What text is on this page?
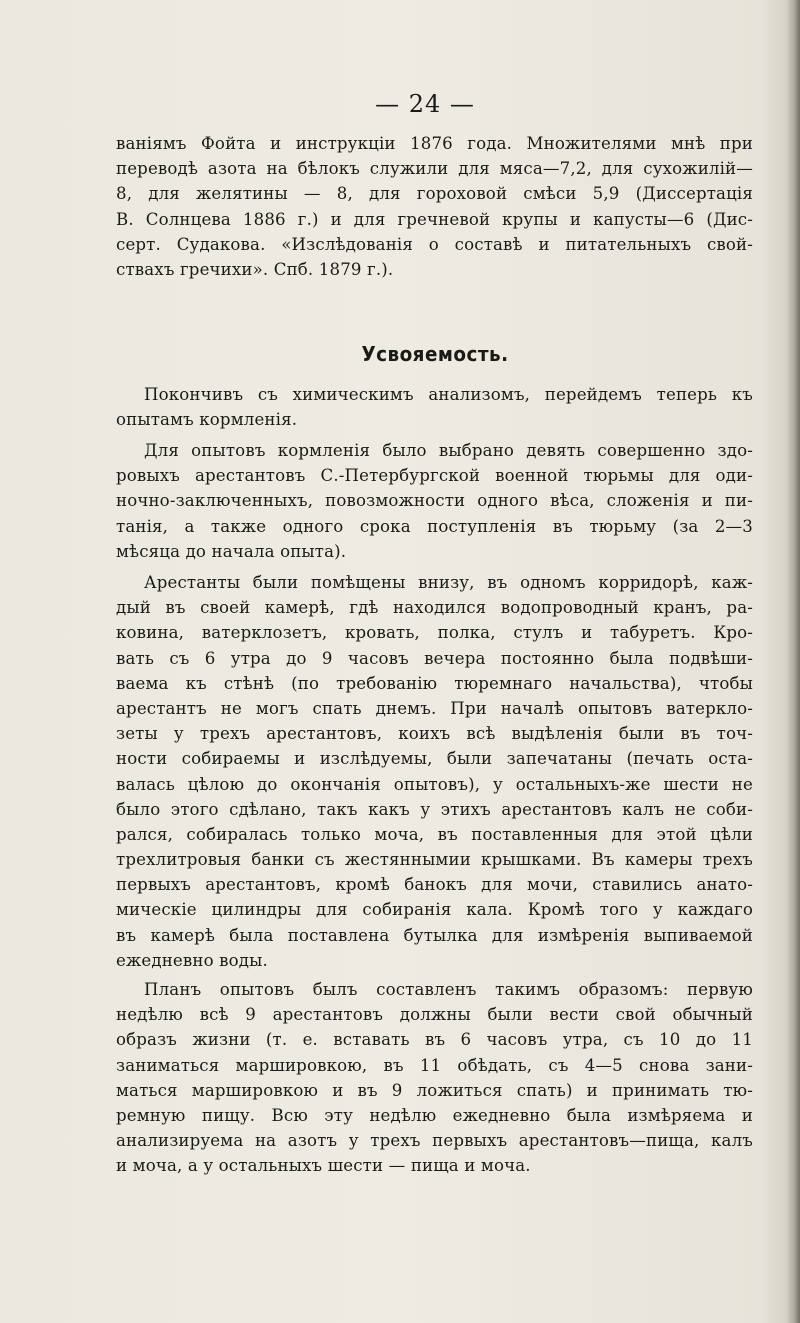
— 24 —
ваніямъ Фойта и инструкціи 1876 года. Множителями мнѣ при
переводѣ азота на бѣлокъ служили для мяса—7,2, для сухожилій—
8, для желятины — 8, для гороховой смѣси 5,9 (Диссертація
В. Солнцева 1886 г.) и для гречневой крупы и капусты—6 (Дис-
серт. Судакова. «Изслѣдованія о составѣ и питательныхъ свой-
ствахъ гречихи». Спб. 1879 г.).
Усвояемость.
Покончивъ съ химическимъ анализомъ, перейдемъ теперь къ
опытамъ кормленія.
Для опытовъ кормленія было выбрано девять совершенно здо-
ровыхъ арестантовъ С.-Петербургской военной тюрьмы для оди-
ночно-заключенныхъ, повозможности одного вѣса, сложенія и пи-
танія, а также одного срока поступленія въ тюрьму (за 2—3
мѣсяца до начала опыта).
Арестанты были помѣщены внизу, въ одномъ корридорѣ, каж-
дый въ своей камерѣ, гдѣ находился водопроводный кранъ, ра-
ковина, ватерклозетъ, кровать, полка, стулъ и табуретъ. Кро-
вать съ 6 утра до 9 часовъ вечера постоянно была подвѣши-
ваема къ стѣнѣ (по требованію тюремнаго начальства), чтобы
арестантъ не могъ спать днемъ. При началѣ опытовъ ватеркло-
зеты у трехъ арестантовъ, коихъ всѣ выдѣленія были въ точ-
ности собираемы и изслѣдуемы, были запечатаны (печать оста-
валась цѣлою до окончанія опытовъ), у остальныхъ-же шести не
было этого сдѣлано, такъ какъ у этихъ арестантовъ калъ не соби-
рался, собиралась только моча, въ поставленныя для этой цѣли
трехлитровыя банки съ жестяннымии крышками. Въ камеры трехъ
первыхъ арестантовъ, кромѣ банокъ для мочи, ставились анато-
мическіе цилиндры для собиранія кала. Кромѣ того у каждаго
въ камерѣ была поставлена бутылка для измѣренія выпиваемой
ежедневно воды.
Планъ опытовъ былъ составленъ такимъ образомъ: первую
недѣлю всѣ 9 арестантовъ должны были вести свой обычный
образъ жизни (т. е. вставать въ 6 часовъ утра, съ 10 до 11
заниматься маршировкою, въ 11 обѣдать, съ 4—5 снова зани-
маться маршировкою и въ 9 ложиться спать) и принимать тю-
ремную пищу. Всю эту недѣлю ежедневно была измѣряема и
анализируема на азотъ у трехъ первыхъ арестантовъ—пища, калъ
и моча, а у остальныхъ шести — пища и моча.
